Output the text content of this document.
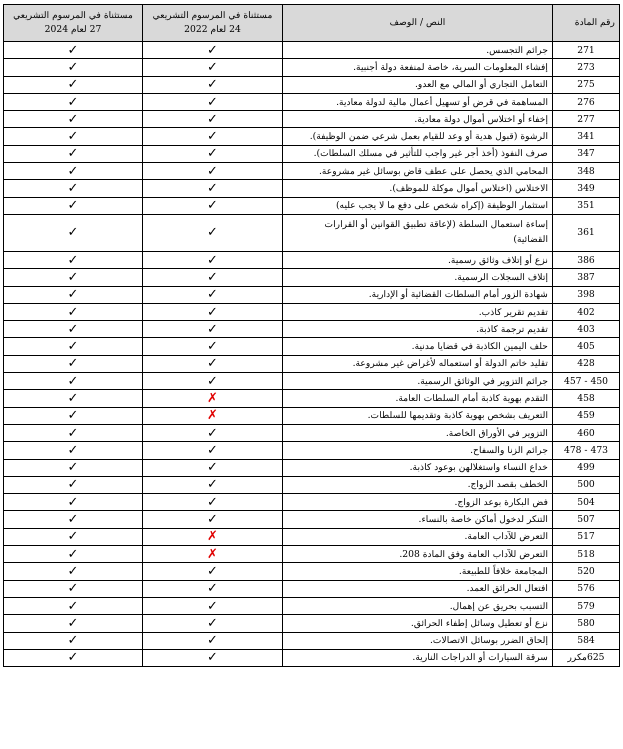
رقم المادة	النص / الوصف	مستثناة في المرسوم التشريعي 24 لعام 2022	مستثناة في المرسوم التشريعي 27 لعام 2024
271	جرائم التجسس.	✓	✓
273	إفشاء المعلومات السرية، خاصة لمنفعة دولة أجنبية.	✓	✓
275	التعامل التجاري أو المالي مع العدو.	✓	✓
276	المساهمة في قرض أو تسهيل أعمال مالية لدولة معادية.	✓	✓
277	إخفاء أو اختلاس أموال دولة معادية.	✓	✓
341	الرشوة (قبول هدية أو وعد للقيام بعمل شرعي ضمن الوظيفة).	✓	✓
347	صرف النفوذ (أخذ أجر غير واجب للتأثير في مسلك السلطات).	✓	✓
348	المحامي الذي يحصل على عطف قاض بوسائل غير مشروعة.	✓	✓
349	الاختلاس (اختلاس أموال موكلة للموظف).	✓	✓
351	استثمار الوظيفة (إكراه شخص على دفع ما لا يجب عليه)	✓	✓
361	إساءة استعمال السلطة (لإعاقة تطبيق القوانين أو القرارات القضائية)	✓	✓
386	نزع أو إتلاف وثائق رسمية.	✓	✓
387	إتلاف السجلات الرسمية.	✓	✓
398	شهادة الزور أمام السلطات القضائية أو الإدارية.	✓	✓
402	تقديم تقرير كاذب.	✓	✓
403	تقديم ترجمة كاذبة.	✓	✓
405	حلف اليمين الكاذبة في قضايا مدنية.	✓	✓
428	تقليد خاتم الدولة أو استعماله لأغراض غير مشروعة.	✓	✓
450 - 457	جرائم التزوير في الوثائق الرسمية.	✓	✓
458	التقدم بهوية كاذبة أمام السلطات العامة.	✗	✓
459	التعريف بشخص بهوية كاذبة وتقديمها للسلطات.	✗	✓
460	التزوير في الأوراق الخاصة.	✓	✓
473 - 478	جرائم الزنا والسفاح.	✓	✓
499	خداع النساء واستغلالهن بوعود كاذبة.	✓	✓
500	الخطف بقصد الزواج.	✓	✓
504	فض البكارة بوعد الزواج.	✓	✓
507	التنكر لدخول أماكن خاصة بالنساء.	✓	✓
517	التعرض للآداب العامة.	✗	✓
518	التعرض للآداب العامة وفق المادة 208.	✗	✓
520	المجامعة خلافاً للطبيعة.	✓	✓
576	افتعال الحرائق العمد.	✓	✓
579	التسبب بحريق عن إهمال.	✓	✓
580	نزع أو تعطيل وسائل إطفاء الحرائق.	✓	✓
584	إلحاق الضرر بوسائل الاتصالات.	✓	✓
625مكرر	سرقة السيارات أو الدراجات النارية.	✓	✓
